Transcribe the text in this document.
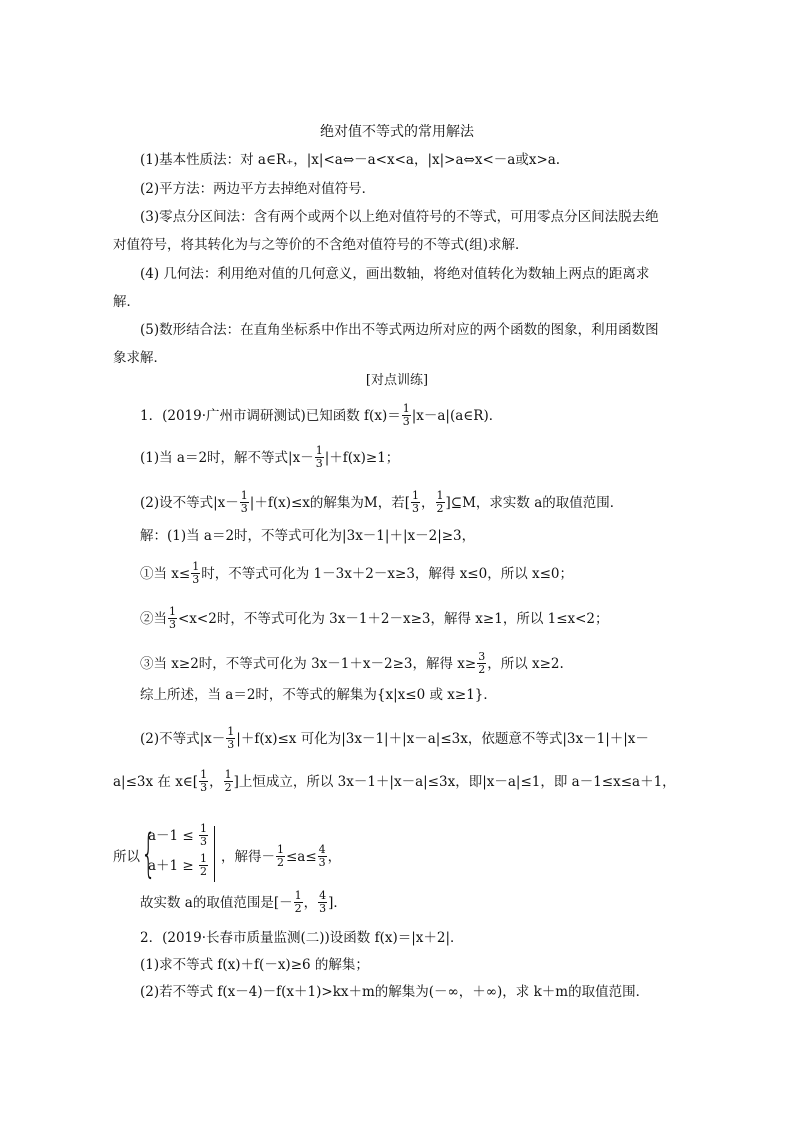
绝对值不等式的常用解法
(1)基本性质法：对 a∈R₊，|x|<a⇔－a<x<a，|x|>a⇔x<－a或x>a.
(2)平方法：两边平方去掉绝对值符号．
(3)零点分区间法：含有两个或两个以上绝对值符号的不等式，可用零点分区间法脱去绝
对值符号，将其转化为与之等价的不含绝对值符号的不等式(组)求解．
(4) 几何法：利用绝对值的几何意义，画出数轴，将绝对值转化为数轴上两点的距离求
解．
(5)数形结合法：在直角坐标系中作出不等式两边所对应的两个函数的图象，利用函数图
象求解．
[对点训练]
1．(2019·广州市调研测试)已知函数 $f(x)= \frac{1}{3}$ |x－a|(a∈R)．
(1)当 a＝2时，解不等式$|x- \frac{1}{3} |+f(x)\ge 1$；
(2)设不等式$|x- \frac{1}{3} |+f(x)\le x$的解集为M，若[ $\frac{1}{3}$ ， $\frac{1}{2}$ ]⊆M，求实数 a的取值范围．
解：(1)当 a＝2时，不等式可化为|3x－1|＋|x－2|≥3，
①当 $x\le \frac{1}{3}$ 时，不等式可化为 1－3x＋2－x≥3，解得 x≤0，所以 x≤0；
②当 $\frac{1}{3} <x<2$时，不等式可化为 3x－1＋2－x≥3，解得 x≥1，所以 1≤x<2；
③当 x≥2时，不等式可化为 3x－1＋x－2≥3，解得 $x\ge \frac{3}{2}$ ，所以 x≥2.
综上所述，当 a＝2时，不等式的解集为{x|x≤0 或 x≥1}．
(2)不等式$|x- \frac{1}{3} |+f(x)\le x$ 可化为|3x－1|＋|x－a|≤3x，依题意不等式|3x－1|＋|x－
a|≤3x 在 x∈[ $\frac{1}{3}$ ， $\frac{1}{2}$ ]上恒成立，所以 3x－1＋|x－a|≤3x，即|x－a|≤1，即 a－1≤x≤a＋1，
所以 {
$a-1 \le \frac{1}{3}$
$a+1 \ge \frac{1}{2}$ ，解得－ $\frac{1}{2} \le a\le \frac{4}{3}$ ，
故实数 a的取值范围是[－ $\frac{1}{2}$ ， $\frac{4}{3}$ ]．
2．(2019·长春市质量监测(二))设函数 f(x)＝|x＋2|．
(1)求不等式 f(x)＋f(－x)≥6 的解集；
(2)若不等式 f(x－4)－f(x＋1)>kx＋m的解集为(－∞，＋∞)，求 k＋m的取值范围．
